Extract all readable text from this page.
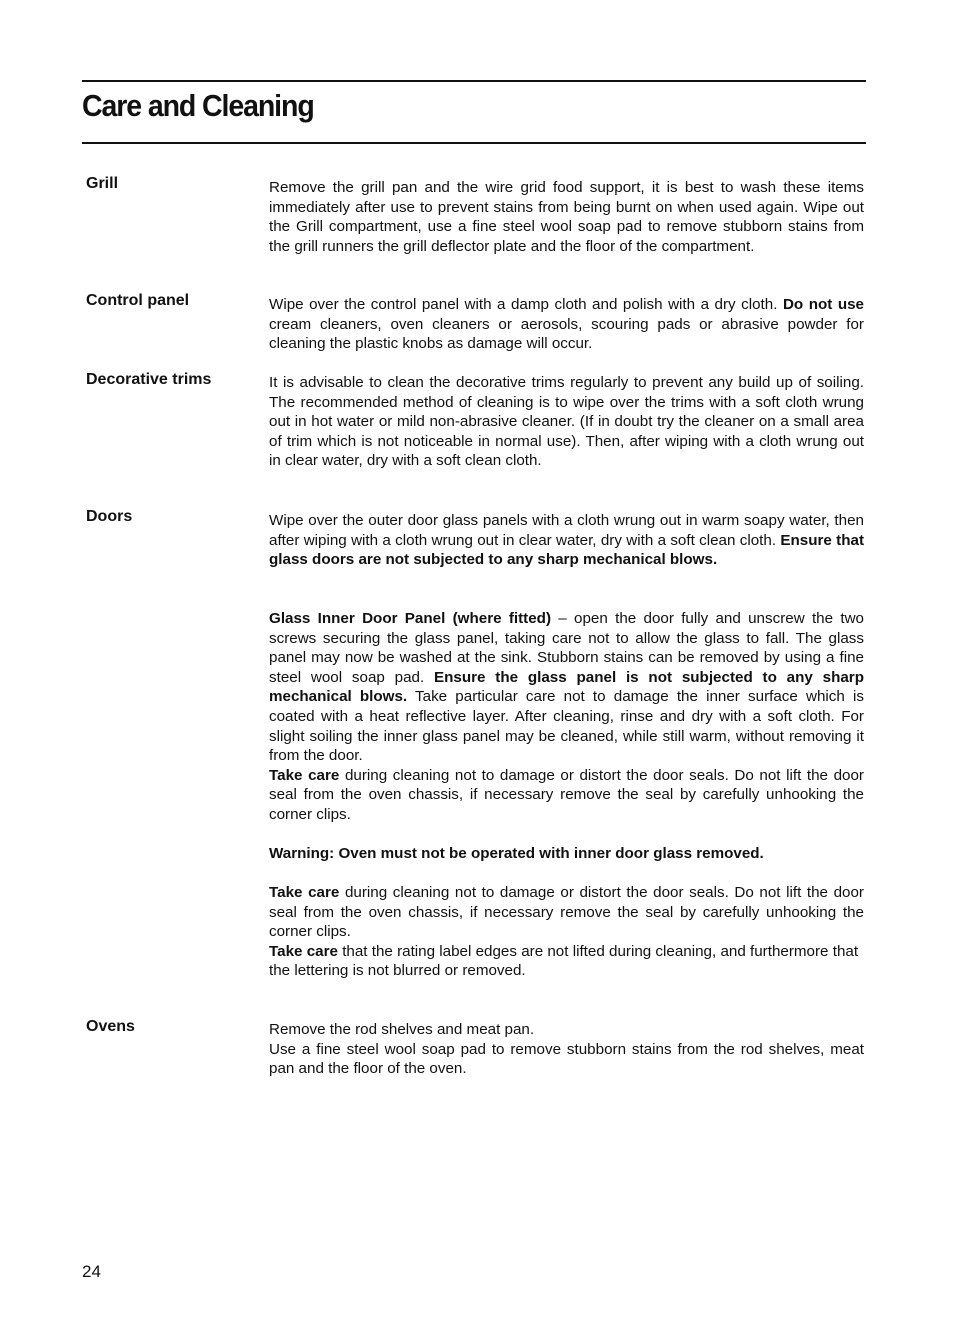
Care and Cleaning
Grill	Remove the grill pan and the wire grid food support, it is best to wash these items immediately after use to prevent stains from being burnt on when used again. Wipe out the Grill compartment, use a fine steel wool soap pad to remove stubborn stains from the grill runners the grill deflector plate and the floor of the compartment.

Control panel	Wipe over the control panel with a damp cloth and polish with a dry cloth. Do not use cream cleaners, oven cleaners or aerosols, scouring pads or abrasive powder for cleaning the plastic knobs as damage will occur.

Decorative trims	It is advisable to clean the decorative trims regularly to prevent any build up of soiling. The recommended method of cleaning is to wipe over the trims with a soft cloth wrung out in hot water or mild non-abrasive cleaner. (If in doubt try the cleaner on a small area of trim which is not noticeable in normal use). Then, after wiping with a cloth wrung out in clear water, dry with a soft clean cloth.

Doors	Wipe over the outer door glass panels with a cloth wrung out in warm soapy water, then after wiping with a cloth wrung out in clear water, dry with a soft clean cloth. Ensure that glass doors are not subjected to any sharp mechanical blows.

Glass Inner Door Panel (where fitted) – open the door fully and unscrew the two screws securing the glass panel, taking care not to allow the glass to fall. The glass panel may now be washed at the sink. Stubborn stains can be removed by using a fine steel wool soap pad. Ensure the glass panel is not subjected to any sharp mechanical blows. Take particular care not to damage the inner surface which is coated with a heat reflective layer. After cleaning, rinse and dry with a soft cloth. For slight soiling the inner glass panel may be cleaned, while still warm, without removing it from the door.

Take care during cleaning not to damage or distort the door seals. Do not lift the door seal from the oven chassis, if necessary remove the seal by carefully unhooking the corner clips.

Warning: Oven must not be operated with inner door glass removed.

Take care during cleaning not to damage or distort the door seals. Do not lift the door seal from the oven chassis, if necessary remove the seal by carefully unhooking the corner clips.

Take care that the rating label edges are not lifted during cleaning, and furthermore that the lettering is not blurred or removed.

Ovens	Remove the rod shelves and meat pan.

Use a fine steel wool soap pad to remove stubborn stains from the rod shelves, meat pan and the floor of the oven.

24
